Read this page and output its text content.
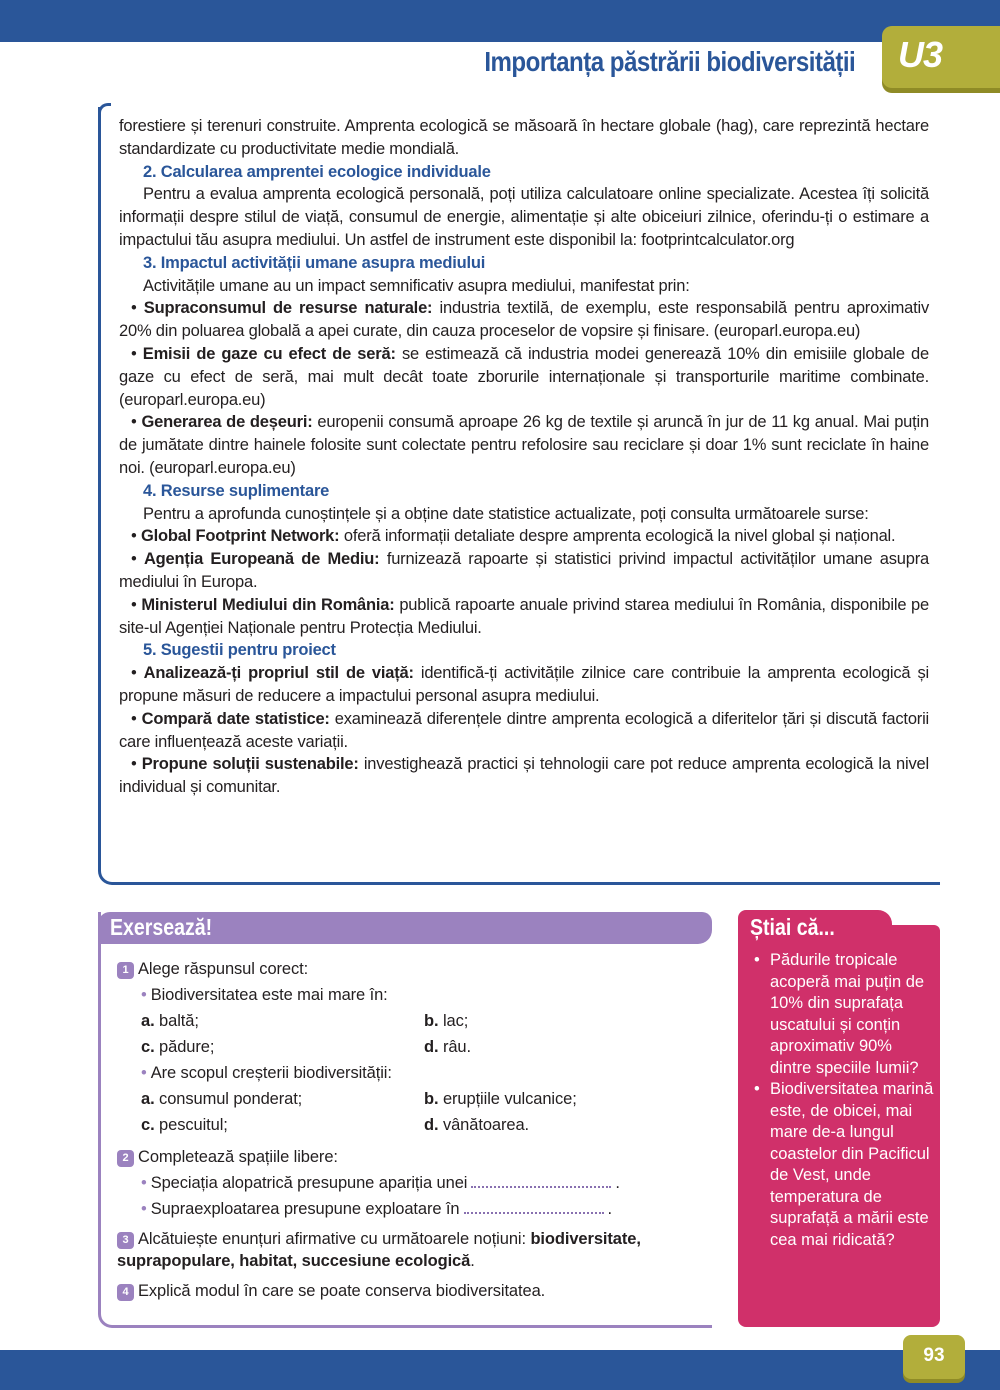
Importanța păstrării biodiversității U3

forestiere și terenuri construite. Amprenta ecologică se măsoară în hectare globale (hag), care reprezintă hectare standardizate cu productivitate medie mondială.

2. Calcularea amprentei ecologice individuale

Pentru a evalua amprenta ecologică personală, poți utiliza calculatoare online specializate. Acestea îți solicită informații despre stilul de viață, consumul de energie, alimentație și alte obiceiuri zilnice, oferindu-ți o estimare a impactului tău asupra mediului. Un astfel de instrument este disponibil la: footprintcalculator.org

3. Impactul activității umane asupra mediului

Activitățile umane au un impact semnificativ asupra mediului, manifestat prin:

• Supraconsumul de resurse naturale: industria textilă, de exemplu, este responsabilă pentru aproximativ 20% din poluarea globală a apei curate, din cauza proceselor de vopsire și finisare. (europarl.europa.eu)

• Emisii de gaze cu efect de seră: se estimează că industria modei generează 10% din emisiile globale de gaze cu efect de seră, mai mult decât toate zborurile internaționale și transporturile maritime combinate. (europarl.europa.eu)

• Generarea de deșeuri: europenii consumă aproape 26 kg de textile și aruncă în jur de 11 kg anual. Mai puțin de jumătate dintre hainele folosite sunt colectate pentru refolosire sau reciclare și doar 1% sunt reciclate în haine noi. (europarl.europa.eu)

4. Resurse suplimentare

Pentru a aprofunda cunoștințele și a obține date statistice actualizate, poți consulta următoarele surse:

• Global Footprint Network: oferă informații detaliate despre amprenta ecologică la nivel global și național.

• Agenția Europeană de Mediu: furnizează rapoarte și statistici privind impactul activităților umane asupra mediului în Europa.

• Ministerul Mediului din România: publică rapoarte anuale privind starea mediului în România, disponibile pe site-ul Agenției Naționale pentru Protecția Mediului.

5. Sugestii pentru proiect

• Analizează-ți propriul stil de viață: identifică-ți activitățile zilnice care contribuie la amprenta ecologică și propune măsuri de reducere a impactului personal asupra mediului.

• Compară date statistice: examinează diferențele dintre amprenta ecologică a diferitelor țări și discută factorii care influențează aceste variații.

• Propune soluții sustenabile: investighează practici și tehnologii care pot reduce amprenta ecologică la nivel individual și comunitar.

Exersează!
1 Alege răspunsul corect:
• Biodiversitatea este mai mare în:
a. baltă;	b. lac;
c. pădure;	d. râu.
• Are scopul creșterii biodiversității:
a. consumul ponderat;	b. erupțiile vulcanice;
c. pescuitul;	d. vânătoarea.
2 Completează spațiile libere:
• Speciația alopatrică presupune apariția unei	.
• Supraexploatarea presupune exploatare în	.
3 Alcătuiește enunțuri afirmative cu următoarele noțiuni: biodiversitate, suprapopulare, habitat, succesiune ecologică.
4 Explică modul în care se poate conserva biodiversitatea.
Știai că...
• Pădurile tropicale acoperă mai puțin de 10% din suprafața uscatului și conțin aproximativ 90% dintre speciile lumii?
• Biodiversitatea marină este, de obicei, mai mare de-a lungul coastelor din Pacificul de Vest, unde temperatura de suprafață a mării este cea mai ridicată?
93
